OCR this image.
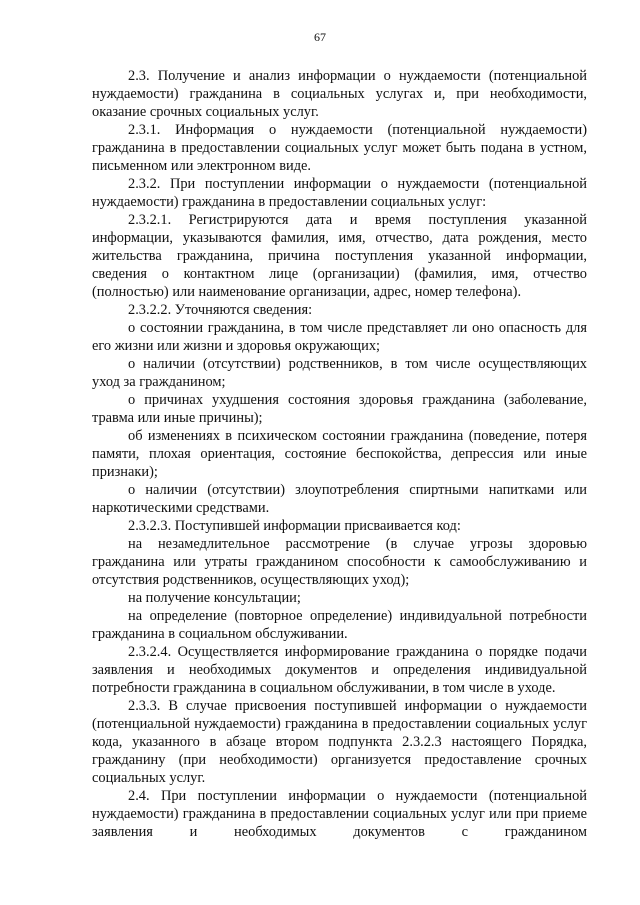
67

2.3. Получение и анализ информации о нуждаемости (потенциальной нуждаемости) гражданина в социальных услугах и, при необходимости, оказание срочных социальных услуг.

2.3.1. Информация о нуждаемости (потенциальной нуждаемости) гражданина в предоставлении социальных услуг может быть подана в устном, письменном или электронном виде.

2.3.2. При поступлении информации о нуждаемости (потенциальной нуждаемости) гражданина в предоставлении социальных услуг:

2.3.2.1. Регистрируются дата и время поступления указанной информации, указываются фамилия, имя, отчество, дата рождения, место жительства гражданина, причина поступления указанной информации, сведения о контактном лице (организации) (фамилия, имя, отчество (полностью) или наименование организации, адрес, номер телефона).

2.3.2.2. Уточняются сведения:

о состоянии гражданина, в том числе представляет ли оно опасность для его жизни или жизни и здоровья окружающих;

о наличии (отсутствии) родственников, в том числе осуществляющих уход за гражданином;

о причинах ухудшения состояния здоровья гражданина (заболевание, травма или иные причины);

об изменениях в психическом состоянии гражданина (поведение, потеря памяти, плохая ориентация, состояние беспокойства, депрессия или иные признаки);

о наличии (отсутствии) злоупотребления спиртными напитками или наркотическими средствами.

2.3.2.3. Поступившей информации присваивается код:

на незамедлительное рассмотрение (в случае угрозы здоровью гражданина или утраты гражданином способности к самообслуживанию и отсутствия родственников, осуществляющих уход);

на получение консультации;

на определение (повторное определение) индивидуальной потребности гражданина в социальном обслуживании.

2.3.2.4. Осуществляется информирование гражданина о порядке подачи заявления и необходимых документов и определения индивидуальной потребности гражданина в социальном обслуживании, в том числе в уходе.

2.3.3. В случае присвоения поступившей информации о нуждаемости (потенциальной нуждаемости) гражданина в предоставлении социальных услуг кода, указанного в абзаце втором подпункта 2.3.2.3 настоящего Порядка, гражданину (при необходимости) организуется предоставление срочных социальных услуг.

2.4. При поступлении информации о нуждаемости (потенциальной нуждаемости) гражданина в предоставлении социальных услуг или при приеме заявления и необходимых документов с гражданином
